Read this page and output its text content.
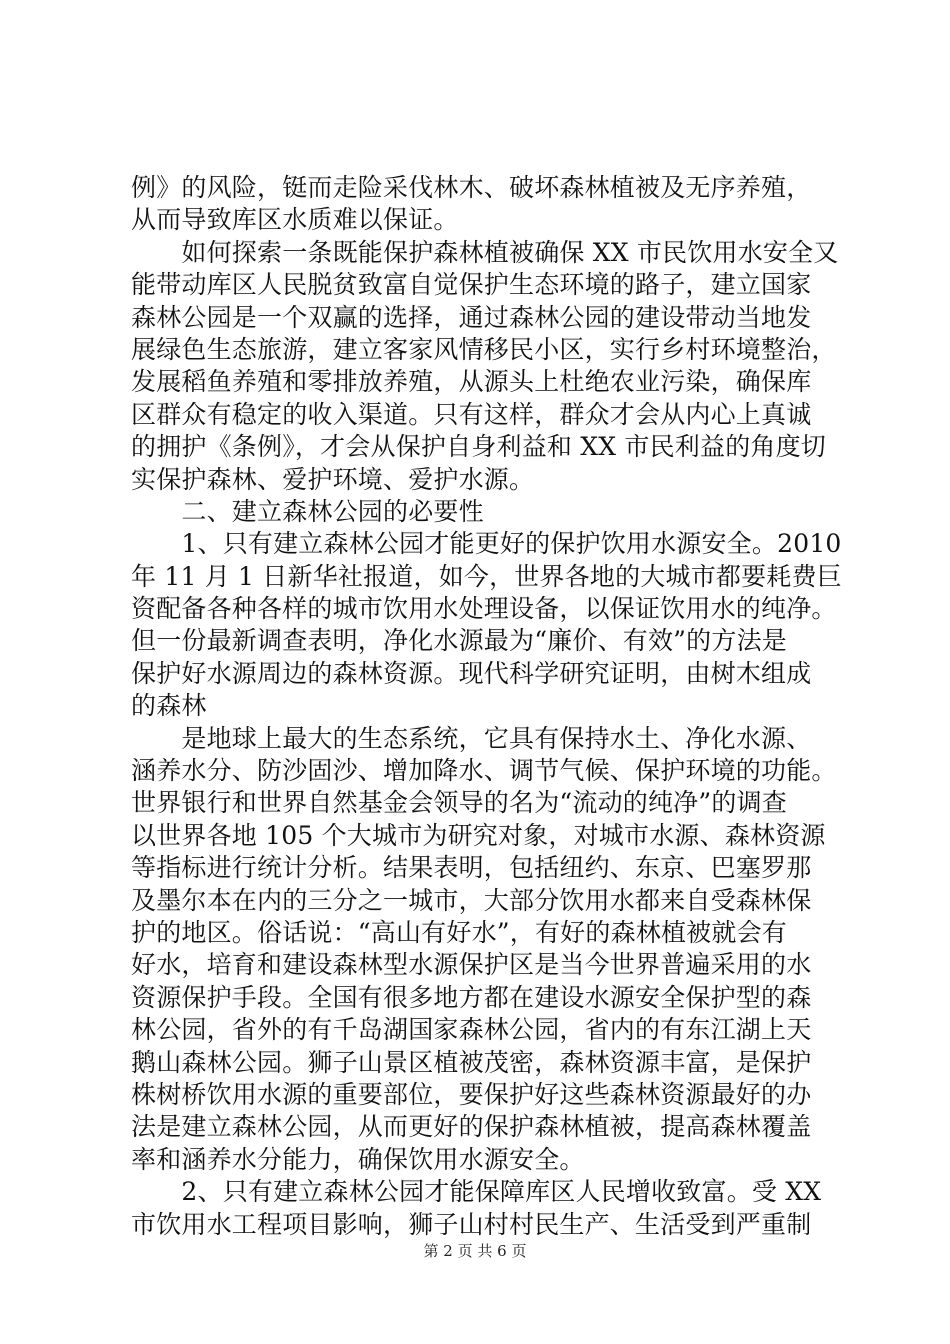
例》的风险，铤而走险采伐林木、破坏森林植被及无序养殖，
从而导致库区水质难以保证。
　　如何探索一条既能保护森林植被确保 XX 市民饮用水安全又
能带动库区人民脱贫致富自觉保护生态环境的路子，建立国家
森林公园是一个双赢的选择，通过森林公园的建设带动当地发
展绿色生态旅游，建立客家风情移民小区，实行乡村环境整治，
发展稻鱼养殖和零排放养殖，从源头上杜绝农业污染，确保库
区群众有稳定的收入渠道。只有这样，群众才会从内心上真诚
的拥护《条例》，才会从保护自身利益和 XX 市民利益的角度切
实保护森林、爱护环境、爱护水源。
　　二、建立森林公园的必要性
　　1、只有建立森林公园才能更好的保护饮用水源安全。2010
年 11 月 1 日新华社报道，如今，世界各地的大城市都要耗费巨
资配备各种各样的城市饮用水处理设备，以保证饮用水的纯净。
但一份最新调查表明，净化水源最为“廉价、有效”的方法是
保护好水源周边的森林资源。现代科学研究证明，由树木组成
的森林
　　是地球上最大的生态系统，它具有保持水土、净化水源、
涵养水分、防沙固沙、增加降水、调节气候、保护环境的功能。
世界银行和世界自然基金会领导的名为“流动的纯净”的调查
以世界各地 105 个大城市为研究对象，对城市水源、森林资源
等指标进行统计分析。结果表明，包括纽约、东京、巴塞罗那
及墨尔本在内的三分之一城市，大部分饮用水都来自受森林保
护的地区。俗话说：“高山有好水”，有好的森林植被就会有
好水，培育和建设森林型水源保护区是当今世界普遍采用的水
资源保护手段。全国有很多地方都在建设水源安全保护型的森
林公园，省外的有千岛湖国家森林公园，省内的有东江湖上天
鹅山森林公园。狮子山景区植被茂密，森林资源丰富，是保护
株树桥饮用水源的重要部位，要保护好这些森林资源最好的办
法是建立森林公园，从而更好的保护森林植被，提高森林覆盖
率和涵养水分能力，确保饮用水源安全。
　　2、只有建立森林公园才能保障库区人民增收致富。受 XX
市饮用水工程项目影响，狮子山村村民生产、生活受到严重制
第 2 页 共 6 页
